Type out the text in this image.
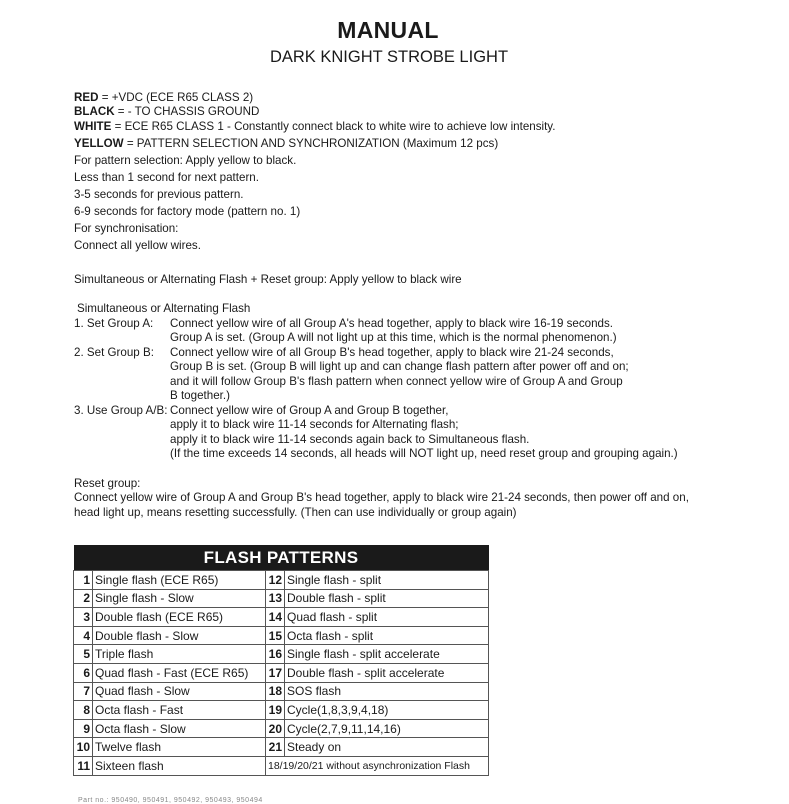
MANUAL
DARK KNIGHT STROBE LIGHT
RED = +VDC (ECE R65 CLASS 2)
BLACK = - TO CHASSIS GROUND
WHITE = ECE R65 CLASS 1 - Constantly connect black to white wire to achieve low intensity.
YELLOW = PATTERN SELECTION AND SYNCHRONIZATION (Maximum 12 pcs)
For pattern selection: Apply yellow to black.
Less than 1 second for next pattern.
3-5 seconds for previous pattern.
6-9 seconds for factory mode (pattern no. 1)
For synchronisation:
Connect all yellow wires.
Simultaneous or Alternating Flash + Reset group: Apply yellow to black wire
Simultaneous or Alternating Flash
1. Set Group A: Connect yellow wire of all Group A's head together, apply to black wire 16-19 seconds.
Group A is set. (Group A will not light up at this time, which is the normal phenomenon.)
2. Set Group B: Connect yellow wire of all Group B's head together, apply to black wire 21-24 seconds,
Group B is set. (Group B will light up and can change flash pattern after power off and on;
and it will follow Group B's flash pattern when connect yellow wire of Group A and Group
B together.)
3. Use Group A/B: Connect yellow wire of Group A and Group B together,
apply it to black wire 11-14 seconds for Alternating flash;
apply it to black wire 11-14 seconds again back to Simultaneous flash.
(If the time exceeds 14 seconds, all heads will NOT light up, need reset group and grouping again.)
Reset group:
Connect yellow wire of Group A and Group B's head together, apply to black wire 21-24 seconds, then power off and on,
head light up, means resetting successfully. (Then can use individually or group again)
FLASH PATTERNS			
1	Single flash (ECE R65)	12	Single flash - split
2	Single flash - Slow	13	Double flash - split
3	Double flash (ECE R65)	14	Quad flash - split
4	Double flash - Slow	15	Octa flash - split
5	Triple flash	16	Single flash - split accelerate
6	Quad flash - Fast (ECE R65)	17	Double flash - split accelerate
7	Quad flash - Slow	18	SOS flash
8	Octa flash - Fast	19	Cycle(1,8,3,9,4,18)
9	Octa flash - Slow	20	Cycle(2,7,9,11,14,16)
10	Twelve flash	21	Steady on
11	Sixteen flash	18/19/20/21 without asynchronization Flash	
Part no.: 950490, 950491, 950492, 950493, 950494
